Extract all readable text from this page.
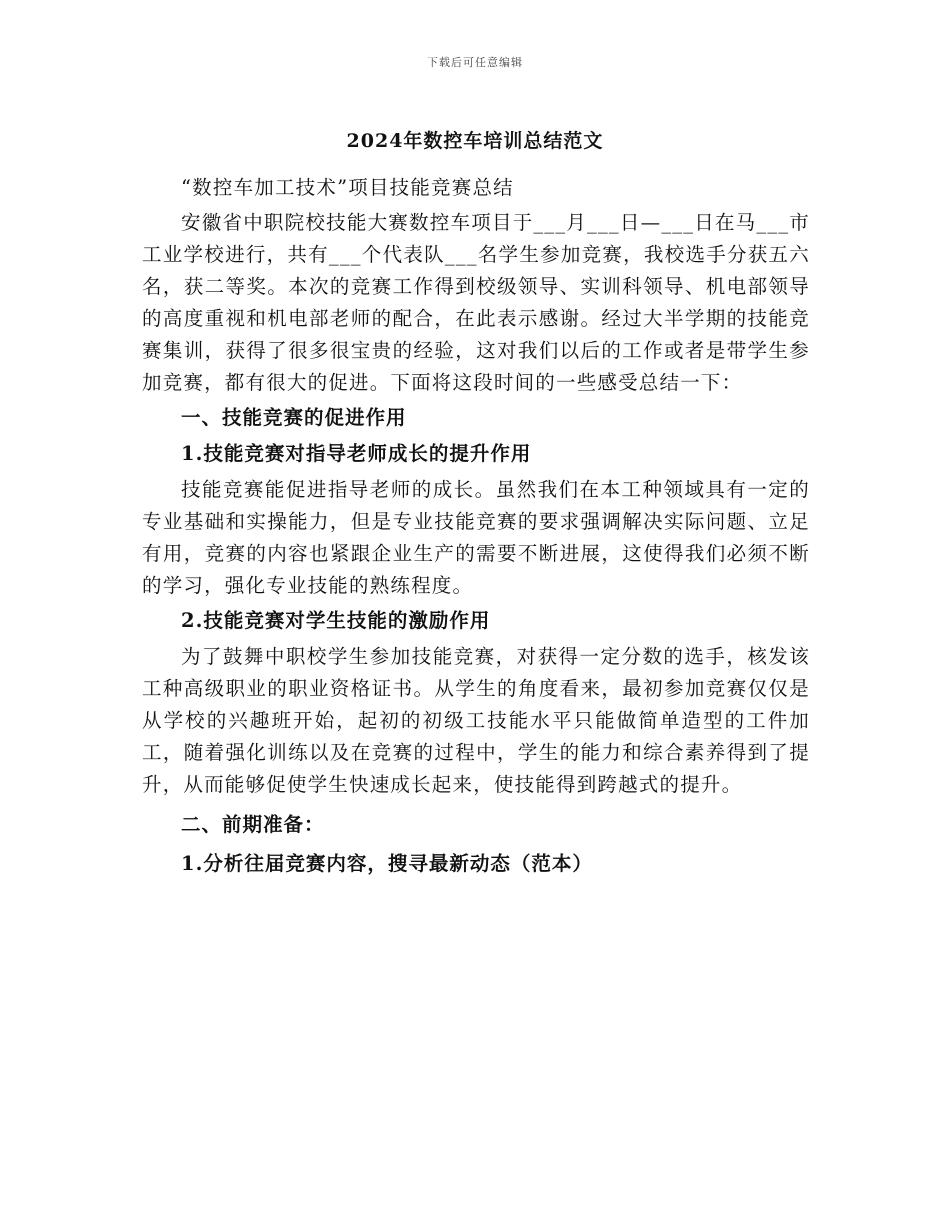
下载后可任意编辑
2024年数控车培训总结范文

“数控车加工技术”项目技能竞赛总结

安徽省中职院校技能大赛数控车项目于___月___日—___日在马___市工业学校进行，共有___个代表队___名学生参加竞赛，我校选手分获五六名，获二等奖。本次的竞赛工作得到校级领导、实训科领导、机电部领导的高度重视和机电部老师的配合，在此表示感谢。经过大半学期的技能竞赛集训，获得了很多很宝贵的经验，这对我们以后的工作或者是带学生参加竞赛，都有很大的促进。下面将这段时间的一些感受总结一下：

一、技能竞赛的促进作用

1.技能竞赛对指导老师成长的提升作用

技能竞赛能促进指导老师的成长。虽然我们在本工种领域具有一定的专业基础和实操能力，但是专业技能竞赛的要求强调解决实际问题、立足有用，竞赛的内容也紧跟企业生产的需要不断进展，这使得我们必须不断的学习，强化专业技能的熟练程度。

2.技能竞赛对学生技能的激励作用

为了鼓舞中职校学生参加技能竞赛，对获得一定分数的选手，核发该工种高级职业的职业资格证书。从学生的角度看来，最初参加竞赛仅仅是从学校的兴趣班开始，起初的初级工技能水平只能做简单造型的工件加工，随着强化训练以及在竞赛的过程中，学生的能力和综合素养得到了提升，从而能够促使学生快速成长起来，使技能得到跨越式的提升。

二、前期准备：

1.分析往届竞赛内容，搜寻最新动态（范本）
